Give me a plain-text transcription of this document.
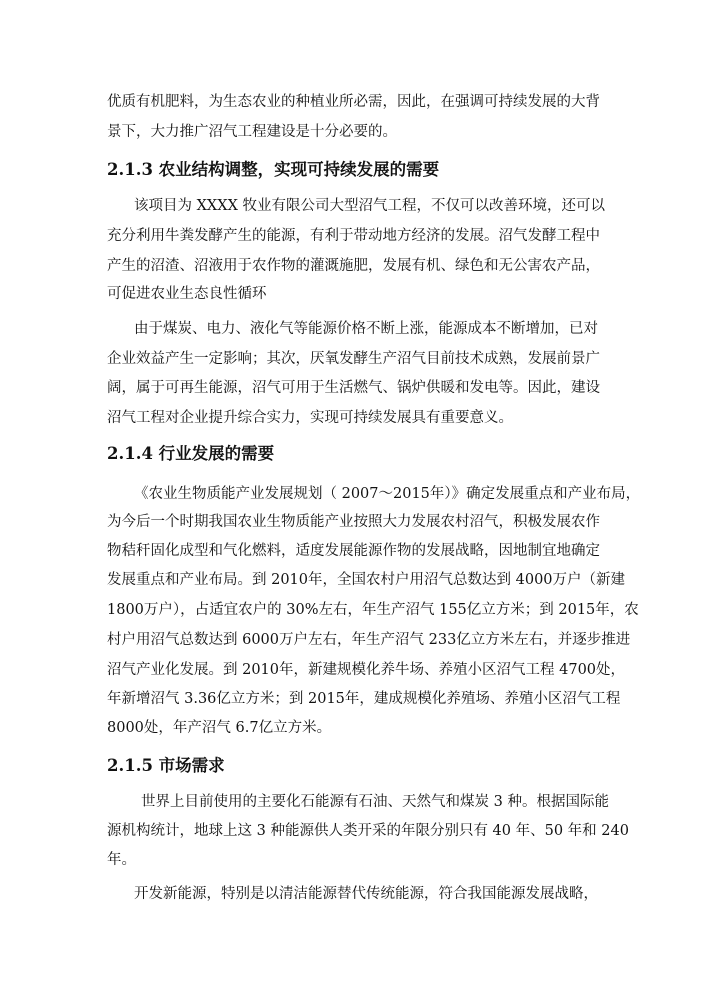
优质有机肥料，为生态农业的种植业所必需，因此，在强调可持续发展的大背
景下，大力推广沼气工程建设是十分必要的。
2.1.3 农业结构调整，实现可持续发展的需要
该项目为 XXXX 牧业有限公司大型沼气工程，不仅可以改善环境，还可以
充分利用牛粪发酵产生的能源，有利于带动地方经济的发展。沼气发酵工程中
产生的沼渣、沼液用于农作物的灌溉施肥，发展有机、绿色和无公害农产品，
可促进农业生态良性循环
由于煤炭、电力、液化气等能源价格不断上涨，能源成本不断增加，已对
企业效益产生一定影响；其次，厌氧发酵生产沼气目前技术成熟，发展前景广
阔，属于可再生能源，沼气可用于生活燃气、锅炉供暖和发电等。因此，建设
沼气工程对企业提升综合实力，实现可持续发展具有重要意义。
2.1.4 行业发展的需要
《农业生物质能产业发展规划（ 2007～2015年）》确定发展重点和产业布局，
为今后一个时期我国农业生物质能产业按照大力发展农村沼气，积极发展农作
物秸秆固化成型和气化燃料，适度发展能源作物的发展战略，因地制宜地确定
发展重点和产业布局。到 2010年，全国农村户用沼气总数达到 4000万户（新建
1800万户），占适宜农户的 30%左右，年生产沼气 155亿立方米；到 2015年，农
村户用沼气总数达到 6000万户左右，年生产沼气 233亿立方米左右，并逐步推进
沼气产业化发展。到 2010年，新建规模化养牛场、养殖小区沼气工程 4700处，
年新增沼气 3.36亿立方米；到 2015年，建成规模化养殖场、养殖小区沼气工程
8000处，年产沼气 6.7亿立方米。
2.1.5 市场需求
世界上目前使用的主要化石能源有石油、天然气和煤炭 3 种。根据国际能
源机构统计，地球上这 3 种能源供人类开采的年限分别只有 40 年、50 年和 240
年。
开发新能源，特别是以清洁能源替代传统能源，符合我国能源发展战略，
